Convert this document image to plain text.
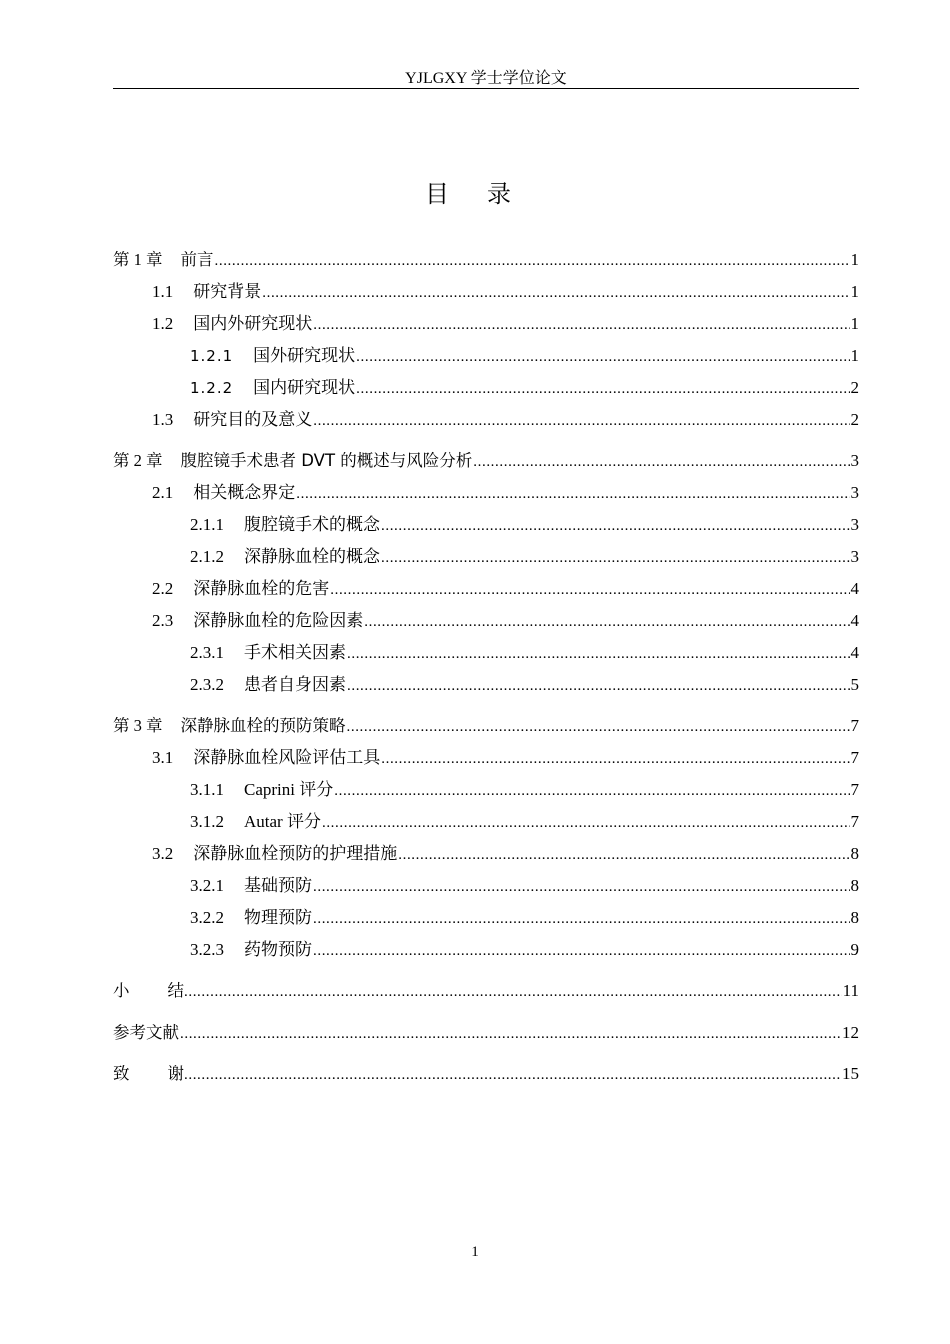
YJLGXY 学士学位论文
目录
第 1 章 前言 .....	1
1.1 研究背景 .....	1
1.2 国内外研究现状 .....	1
1.2.1 国外研究现状 .....	1
1.2.2 国内研究现状 .....	2
1.3 研究目的及意义 .....	2
第 2 章 腹腔镜手术患者 DVT 的概述与风险分析 .....	3
2.1 相关概念界定 .....	3
2.1.1 腹腔镜手术的概念 .....	3
2.1.2 深静脉血栓的概念 .....	3
2.2 深静脉血栓的危害 .....	4
2.3 深静脉血栓的危险因素 .....	4
2.3.1 手术相关因素 .....	4
2.3.2 患者自身因素 .....	5
第 3 章 深静脉血栓的预防策略 .....	7
3.1 深静脉血栓风险评估工具 .....	7
3.1.1 Caprini 评分 .....	7
3.1.2 Autar 评分 .....	7
3.2 深静脉血栓预防的护理措施 .....	8
3.2.1 基础预防 .....	8
3.2.2 物理预防 .....	8
3.2.3 药物预防 .....	9
小结 .....	11
参考文献 .....	12
致谢 .....	15
1
